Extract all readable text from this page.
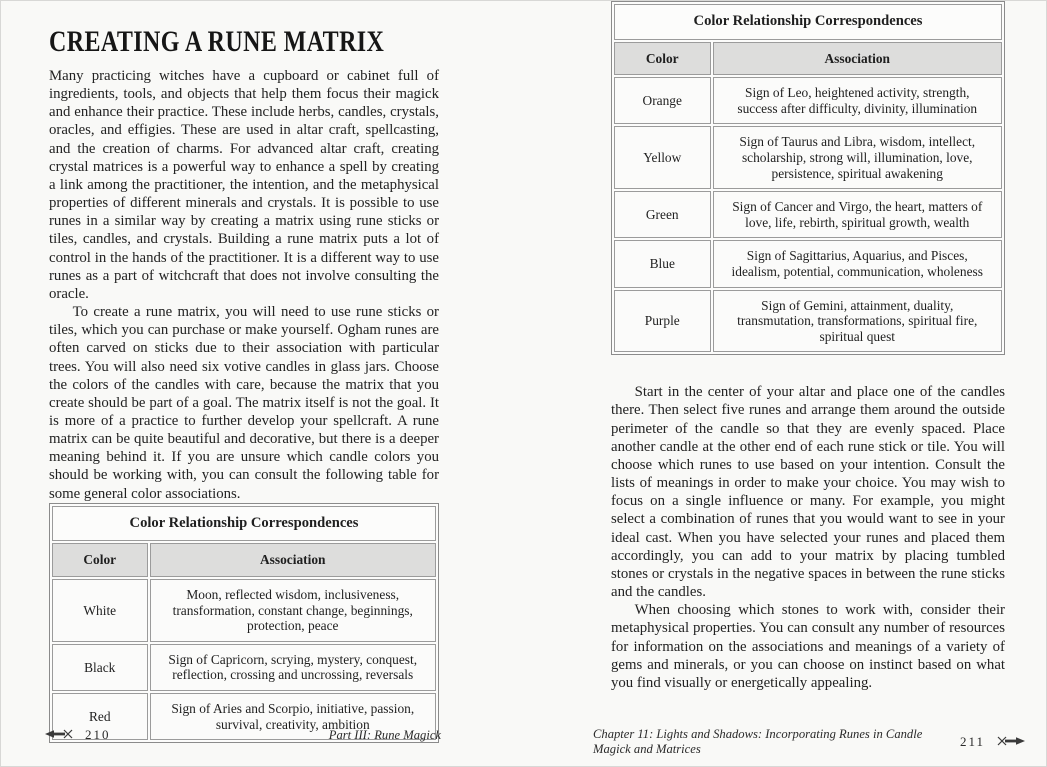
CREATING A RUNE MATRIX

Many practicing witches have a cupboard or cabinet full of ingredients, tools, and objects that help them focus their magick and enhance their practice. These include herbs, candles, crystals, oracles, and effigies. These are used in altar craft, spellcasting, and the creation of charms. For advanced altar craft, creating crystal matrices is a powerful way to enhance a spell by creating a link among the practitioner, the intention, and the metaphysical properties of different minerals and crystals. It is possible to use runes in a similar way by creating a matrix using rune sticks or tiles, candles, and crystals. Building a rune matrix puts a lot of control in the hands of the practitioner. It is a different way to use runes as a part of witchcraft that does not involve consulting the oracle.

To create a rune matrix, you will need to use rune sticks or tiles, which you can purchase or make yourself. Ogham runes are often carved on sticks due to their association with particular trees. You will also need six votive candles in glass jars. Choose the colors of the candles with care, because the matrix that you create should be part of a goal. The matrix itself is not the goal. It is more of a practice to further develop your spellcraft. A rune matrix can be quite beautiful and decorative, but there is a deeper meaning behind it. If you are unsure which candle colors you should be working with, you can consult the following table for some general color associations.

Color Relationship Correspondences	
Color	Association
White	Moon, reflected wisdom, inclusiveness, transformation, constant change, beginnings, protection, peace
Black	Sign of Capricorn, scrying, mystery, conquest, reflection, crossing and uncrossing, reversals
Red	Sign of Aries and Scorpio, initiative, passion, survival, creativity, ambition
Color Relationship Correspondences	
Color	Association
Orange	Sign of Leo, heightened activity, strength, success after difficulty, divinity, illumination
Yellow	Sign of Taurus and Libra, wisdom, intellect, scholarship, strong will, illumination, love, persistence, spiritual awakening
Green	Sign of Cancer and Virgo, the heart, matters of love, life, rebirth, spiritual growth, wealth
Blue	Sign of Sagittarius, Aquarius, and Pisces, idealism, potential, communication, wholeness
Purple	Sign of Gemini, attainment, duality, transmutation, transformations, spiritual fire, spiritual quest

Start in the center of your altar and place one of the candles there. Then select five runes and arrange them around the outside perimeter of the candle so that they are evenly spaced. Place another candle at the other end of each rune stick or tile. You will choose which runes to use based on your intention. Consult the lists of meanings in order to make your choice. You may wish to focus on a single influence or many. For example, you might select a combination of runes that you would want to see in your ideal cast. When you have selected your runes and placed them accordingly, you can add to your matrix by placing tumbled stones or crystals in the negative spaces in between the rune sticks and the candles.

When choosing which stones to work with, consider their metaphysical properties. You can consult any number of resources for information on the associations and meanings of a variety of gems and minerals, or you can choose on instinct based on what you find visually or energetically appealing.

210	Part III: Rune Magick	Chapter 11: Lights and Shadows: Incorporating Runes in Candle Magick and Matrices	211
